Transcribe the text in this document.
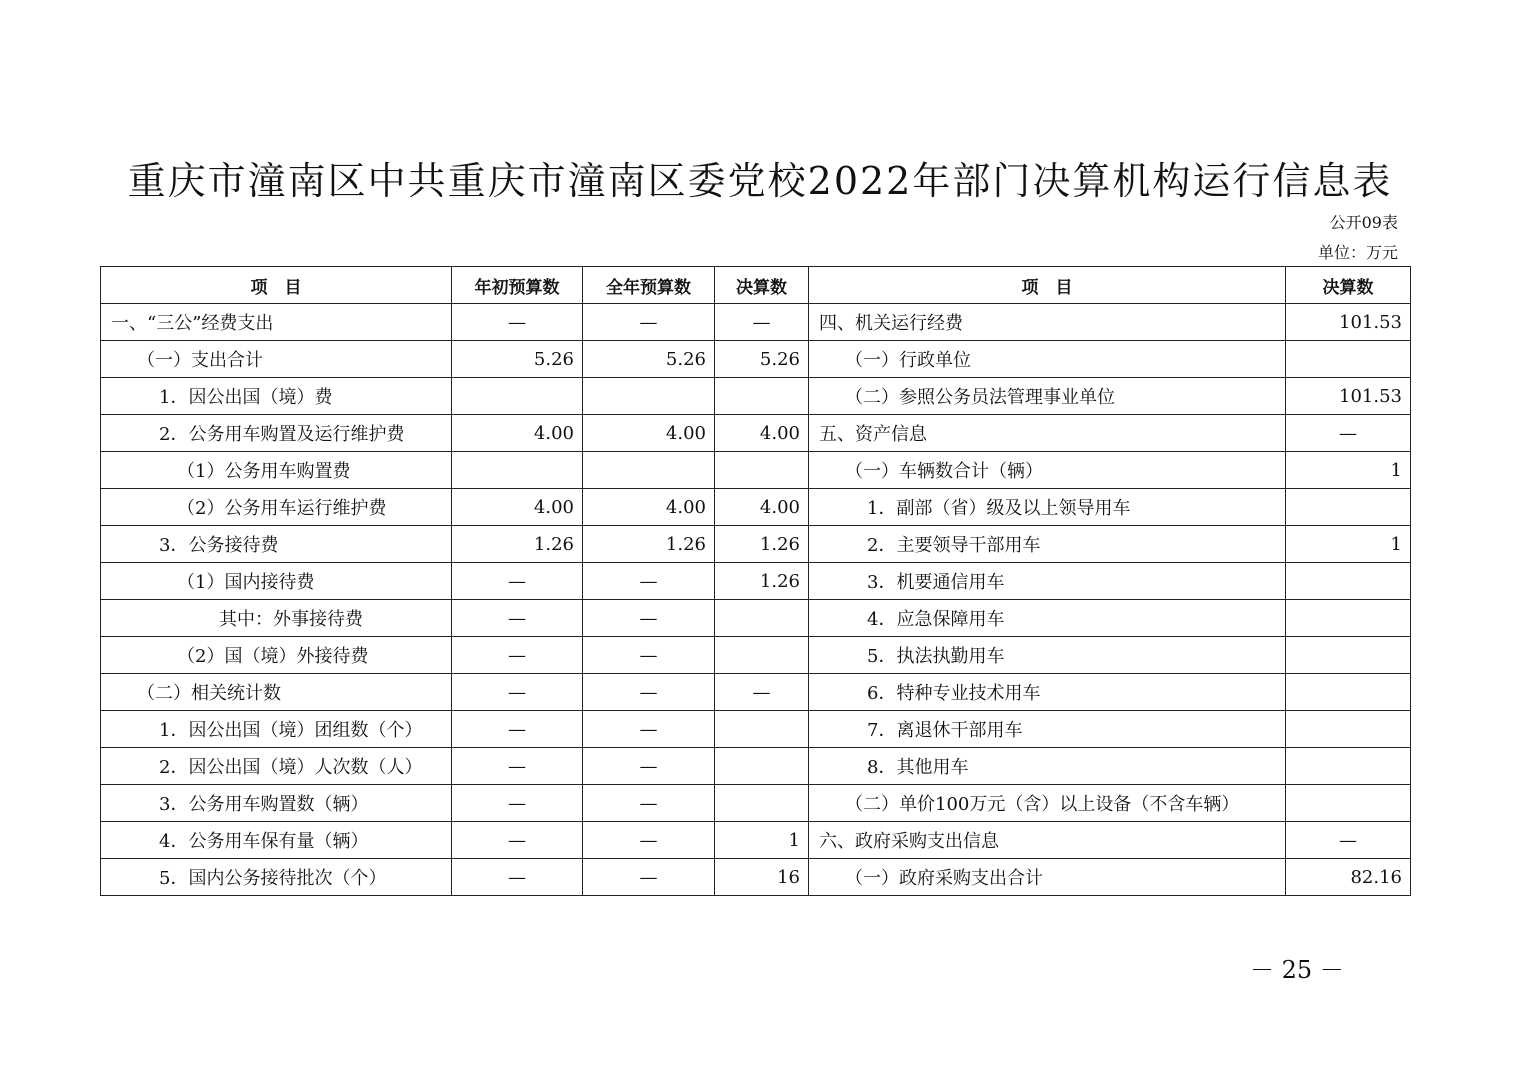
重庆市潼南区中共重庆市潼南区委党校2022年部门决算机构运行信息表
公开09表
单位：万元
项　目	年初预算数	全年预算数	决算数	项　目	决算数
一、“三公”经费支出	—	—	—	四、机关运行经费	101.53
（一）支出合计	5.26	5.26	5.26	（一）行政单位	
1．因公出国（境）费				（二）参照公务员法管理事业单位	101.53
2．公务用车购置及运行维护费	4.00	4.00	4.00	五、资产信息	—
（1）公务用车购置费				（一）车辆数合计（辆）	1
（2）公务用车运行维护费	4.00	4.00	4.00	1．副部（省）级及以上领导用车	
3．公务接待费	1.26	1.26	1.26	2．主要领导干部用车	1
（1）国内接待费	—	—	1.26	3．机要通信用车	
其中：外事接待费	—	—		4．应急保障用车	
（2）国（境）外接待费	—	—		5．执法执勤用车	
（二）相关统计数	—	—	—	6．特种专业技术用车	
1．因公出国（境）团组数（个）	—	—		7．离退休干部用车	
2．因公出国（境）人次数（人）	—	—		8．其他用车	
3．公务用车购置数（辆）	—	—		（二）单价100万元（含）以上设备（不含车辆）	
4．公务用车保有量（辆）	—	—	1	六、政府采购支出信息	—
5．国内公务接待批次（个）	—	—	16	（一）政府采购支出合计	82.16
－ 25 －
